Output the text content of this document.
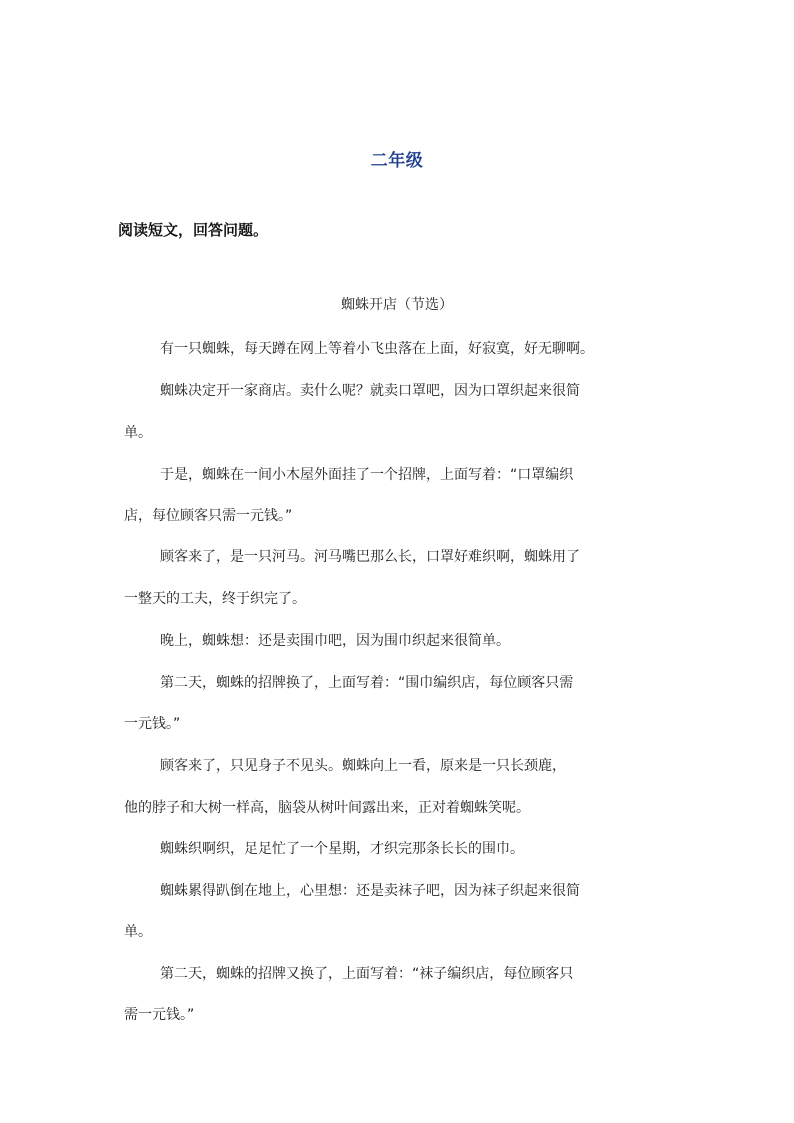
二年级
阅读短文，回答问题。
蜘蛛开店（节选）
有一只蜘蛛，每天蹲在网上等着小飞虫落在上面，好寂寞，好无聊啊。
蜘蛛决定开一家商店。卖什么呢？就卖口罩吧，因为口罩织起来很简
单。
于是，蜘蛛在一间小木屋外面挂了一个招牌，上面写着：“口罩编织
店，每位顾客只需一元钱。”
顾客来了，是一只河马。河马嘴巴那么长，口罩好难织啊，蜘蛛用了
一整天的工夫，终于织完了。
晚上，蜘蛛想：还是卖围巾吧，因为围巾织起来很简单。
第二天，蜘蛛的招牌换了，上面写着：“围巾编织店，每位顾客只需
一元钱。”
顾客来了，只见身子不见头。蜘蛛向上一看，原来是一只长颈鹿，
他的脖子和大树一样高，脑袋从树叶间露出来，正对着蜘蛛笑呢。
蜘蛛织啊织，足足忙了一个星期，才织完那条长长的围巾。
蜘蛛累得趴倒在地上，心里想：还是卖袜子吧，因为袜子织起来很简
单。
第二天，蜘蛛的招牌又换了，上面写着：“袜子编织店，每位顾客只
需一元钱。”
